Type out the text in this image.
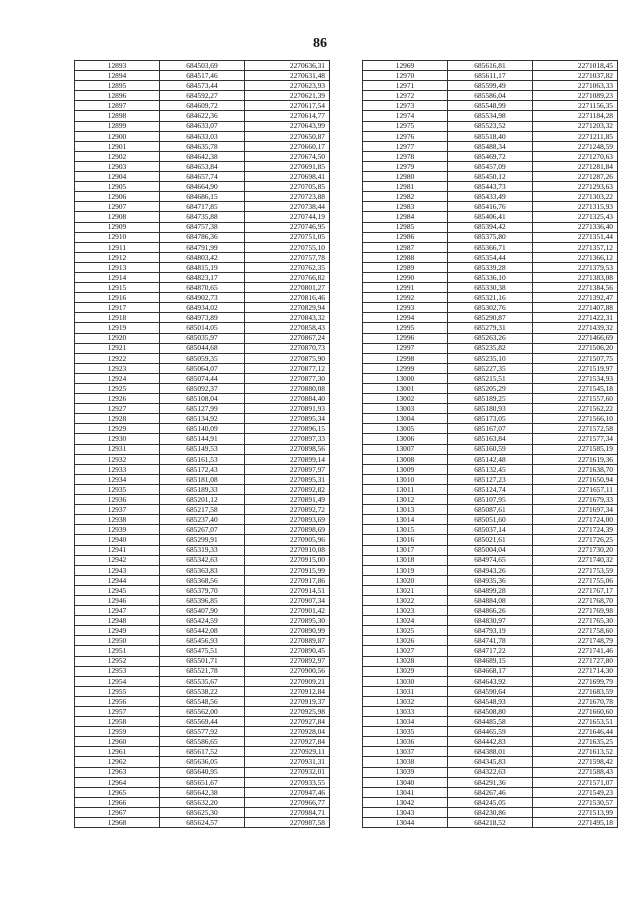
86
12893	684503,69	2270636,31
12894	684517,46	2270631,48
12895	684573,44	2270623,93
12896	684592,27	2270621,39
12897	684609,72	2270617,54
12898	684622,36	2270614,77
12899	684633,07	2270643,99
12900	684633,03	2270650,87
12901	684635,78	2270660,17
12902	684642,38	2270674,50
12903	684653,84	2270691,85
12904	684657,74	2270698,41
12905	684664,90	2270705,85
12906	684686,15	2270723,88
12907	684717,85	2270738,44
12908	684735,88	2270744,19
12909	684757,38	2270746,95
12910	684786,36	2270751,05
12911	684791,99	2270755,10
12912	684803,42	2270757,78
12913	684815,19	2270762,35
12914	684823,17	2270766,82
12915	684870,65	2270801,27
12916	684902,73	2270816,46
12917	684934,02	2270829,94
12918	684973,89	2270843,32
12919	685014,05	2270858,43
12920	685035,97	2270867,24
12921	685044,68	2270870,73
12922	685059,35	2270875,90
12923	685064,07	2270877,12
12924	685074,44	2270877,30
12925	685092,37	2270880,08
12926	685108,04	2270884,40
12927	685127,99	2270891,93
12928	685134,92	2270895,34
12929	685140,09	2270896,15
12930	685144,91	2270897,33
12931	685149,53	2270898,56
12932	685161,53	2270899,14
12933	685172,43	2270897,97
12934	685181,08	2270895,31
12935	685189,33	2270892,82
12936	685201,12	2270891,49
12937	685217,58	2270892,72
12938	685237,40	2270893,69
12939	685267,07	2270898,69
12940	685299,91	2270905,96
12941	685319,33	2270910,08
12942	685342,63	2270915,00
12943	685363,83	2270915,99
12944	685368,56	2270917,86
12945	685379,70	2270914,51
12946	685396,85	2270907,34
12947	685407,90	2270901,42
12948	685424,59	2270895,30
12949	685442,08	2270890,99
12950	685456,93	2270889,87
12951	685475,51	2270890,45
12952	685501,71	2270892,97
12953	685521,78	2270900,56
12954	685535,67	2270909,21
12955	685538,22	2270912,84
12956	685548,56	2270919,37
12957	685562,00	2270925,98
12958	685569,44	2270927,84
12959	685577,92	2270928,04
12960	685586,65	2270927,84
12961	685617,52	2270929,11
12962	685636,05	2270931,31
12963	685640,95	2270932,01
12964	685651,67	2270933,55
12965	685642,38	2270947,46
12966	685632,20	2270966,77
12967	685625,30	2270984,71
12968	685624,57	2270987,58
12969	685616,81	2271018,45
12970	685611,17	2271037,82
12971	685599,49	2271063,33
12972	685586,04	2271089,23
12973	685548,99	2271156,35
12974	685534,98	2271184,28
12975	685523,52	2271203,32
12976	685518,40	2271211,85
12977	685488,34	2271248,59
12978	685469,72	2271270,63
12979	685457,09	2271281,84
12980	685450,12	2271287,26
12981	685443,73	2271293,63
12982	685433,49	2271303,22
12983	685416,76	2271315,93
12984	685406,41	2271325,43
12985	685394,42	2271336,40
12986	685375,80	2271351,44
12987	685366,71	2271357,12
12988	685354,44	2271366,12
12989	685339,28	2271379,53
12990	685336,10	2271383,08
12991	685330,38	2271384,56
12992	685321,16	2271392,47
12993	685302,76	2271407,88
12994	685290,87	2271422,31
12995	685279,31	2271439,32
12996	685263,26	2271466,69
12997	685235,82	2271506,20
12998	685235,10	2271507,75
12999	685227,35	2271519,97
13000	685215,51	2271534,93
13001	685205,29	2271545,18
13002	685189,25	2271557,60
13003	685180,93	2271562,22
13004	685173,05	2271566,10
13005	685167,07	2271572,58
13006	685163,84	2271577,34
13007	685160,59	2271585,19
13008	685142,48	2271619,36
13009	685132,45	2271638,70
13010	685127,23	2271650,94
13011	685124,74	2271657,11
13012	685107,95	2271679,33
13013	685087,61	2271697,34
13014	685051,60	2271724,00
13015	685037,14	2271724,39
13016	685021,61	2271726,25
13017	685004,04	2271730,20
13018	684974,65	2271740,32
13019	684943,26	2271753,59
13020	684935,36	2271755,06
13021	684899,28	2271767,17
13022	684884,08	2271768,70
13023	684866,26	2271769,98
13024	684830,97	2271765,30
13025	684793,19	2271758,60
13026	684741,78	2271748,79
13027	684717,22	2271741,46
13028	684689,15	2271727,80
13029	684668,17	2271714,30
13030	684643,92	2271699,79
13031	684590,64	2271683,59
13032	684548,93	2271670,78
13033	684508,80	2271660,60
13034	684485,58	2271653,51
13035	684465,59	2271646,44
13036	684442,83	2271635,25
13037	684388,01	2271613,52
13038	684345,83	2271598,42
13039	684322,63	2271588,43
13040	684291,36	2271571,07
13041	684267,46	2271549,23
13042	684245,05	2271530,57
13043	684230,86	2271513,99
13044	684218,52	2271495,18
